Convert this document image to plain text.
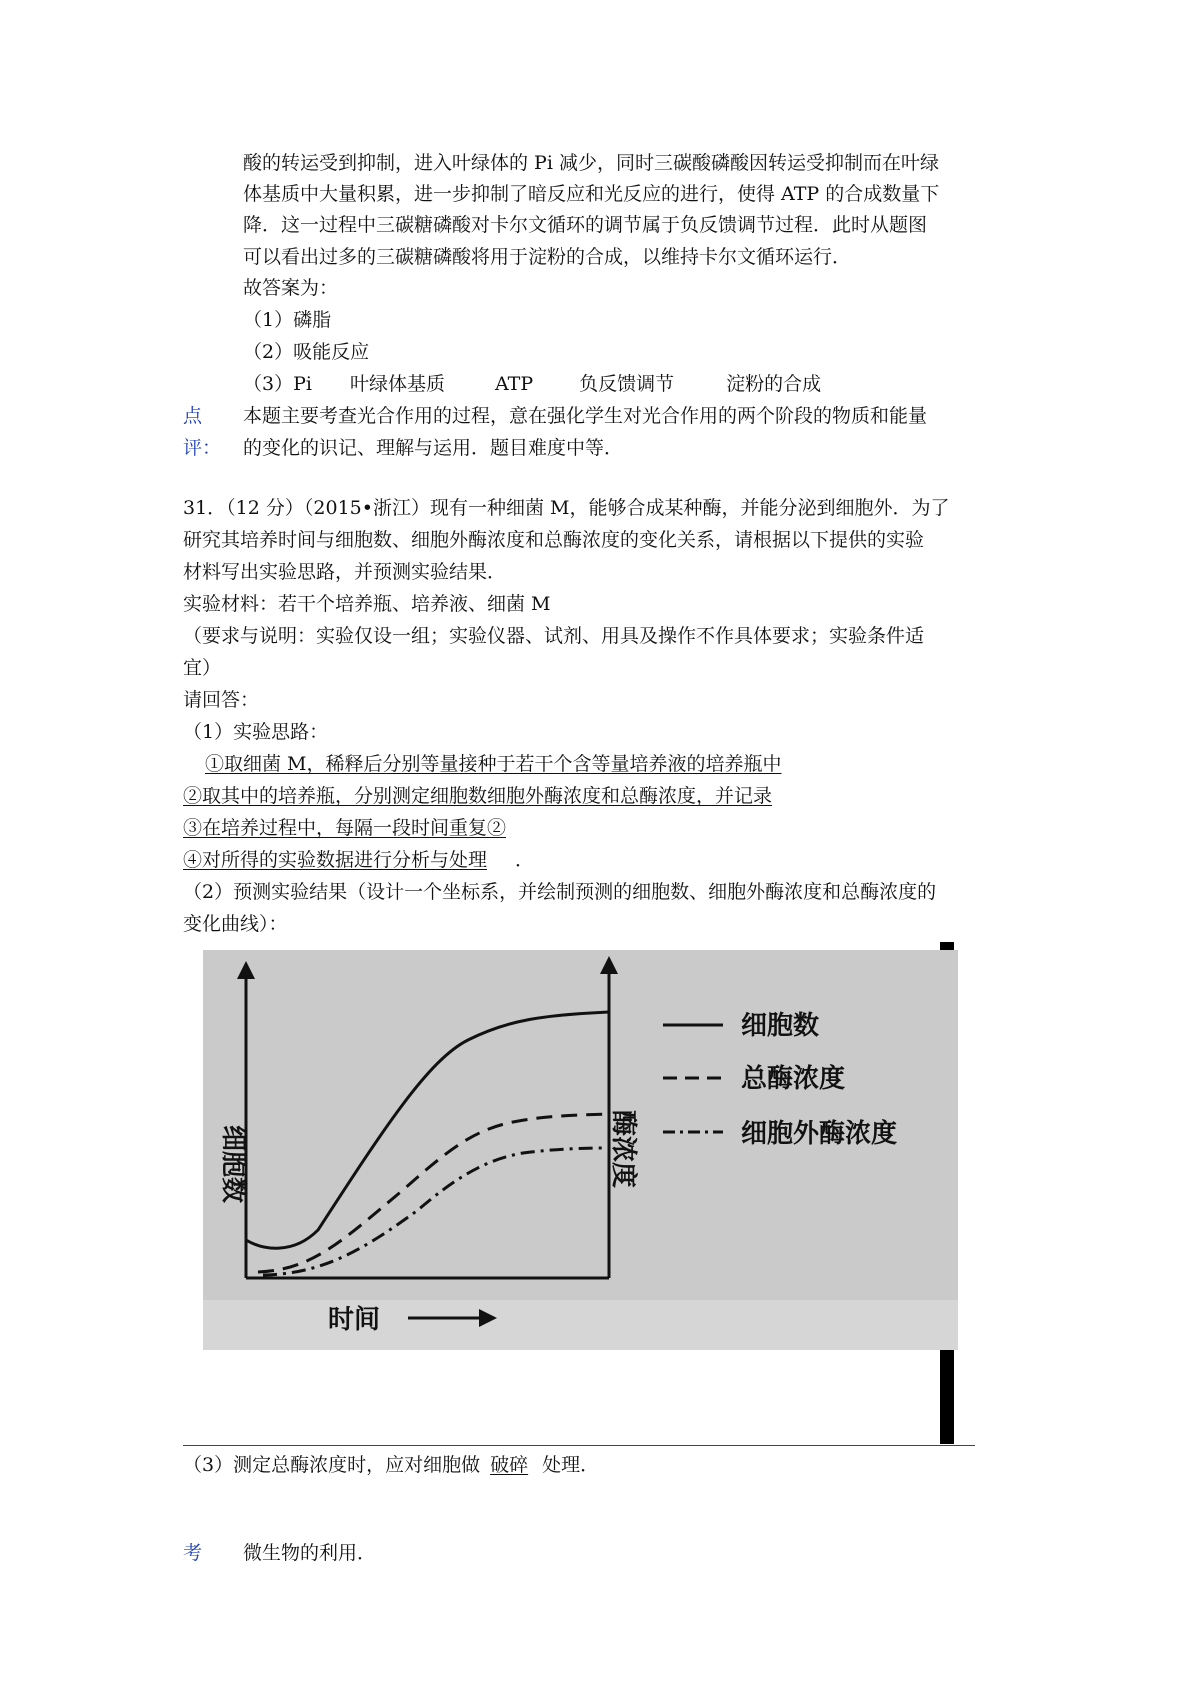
酸的转运受到抑制，进入叶绿体的 Pi 减少，同时三碳酸磷酸因转运受抑制而在叶绿
体基质中大量积累，进一步抑制了暗反应和光反应的进行，使得 ATP 的合成数量下
降．这一过程中三碳糖磷酸对卡尔文循环的调节属于负反馈调节过程．此时从题图
可以看出过多的三碳糖磷酸将用于淀粉的合成，以维持卡尔文循环运行．
故答案为：
（1）磷脂
（2）吸能反应
（3）Pi 叶绿体基质	ATP 负反馈调节	淀粉的合成
点
评：
本题主要考查光合作用的过程，意在强化学生对光合作用的两个阶段的物质和能量
的变化的识记、理解与运用．题目难度中等．
31．（12 分）（2015•浙江）现有一种细菌 M，能够合成某种酶，并能分泌到细胞外．为了
研究其培养时间与细胞数、细胞外酶浓度和总酶浓度的变化关系，请根据以下提供的实验
材料写出实验思路，并预测实验结果．
实验材料：若干个培养瓶、培养液、细菌 M
（要求与说明：实验仅设一组；实验仪器、试剂、用具及操作不作具体要求；实验条件适
宜）
请回答：
（1）实验思路：
①取细菌 M，稀释后分别等量接种于若干个含等量培养液的培养瓶中
②取其中的培养瓶，分别测定细胞数细胞外酶浓度和总酶浓度，并记录
③在培养过程中，每隔一段时间重复②
④对所得的实验数据进行分析与处理 ．
（2）预测实验结果（设计一个坐标系，并绘制预测的细胞数、细胞外酶浓度和总酶浓度的
变化曲线）：
细胞数
总酶浓度
细胞外酶浓度
时间
细胞数	酶浓度
（3）测定总酶浓度时，应对细胞做 破碎 处理．
考 微生物的利用．
